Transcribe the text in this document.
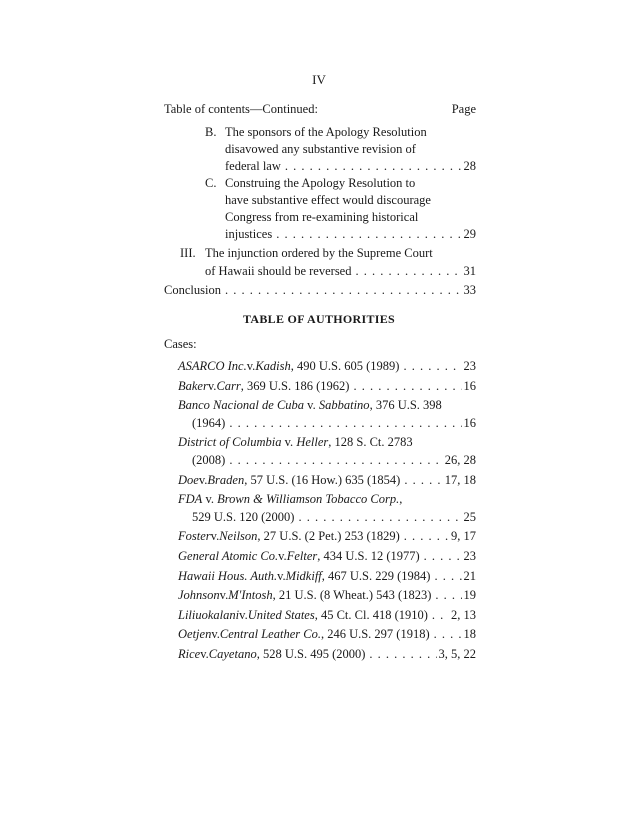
IV
Table of contents—Continued:	Page
B. The sponsors of the Apology Resolution
disavowed any substantive revision of
federal law . . .	28
C. Construing the Apology Resolution to
have substantive effect would discourage
Congress from re-examining historical
injustices . . .	29
III. The injunction ordered by the Supreme Court
of Hawaii should be reversed . . .	31
Conclusion . . .	33
TABLE OF AUTHORITIES
Cases:
ASARCO Inc. v. Kadish , 490 U.S. 605 (1989) . . .	23
Baker v. Carr , 369 U.S. 186 (1962) . . .	16
Banco Nacional de Cuba v. Sabbatino, 376 U.S. 398
(1964) . . .	16
District of Columbia v. Heller, 128 S. Ct. 2783
(2008) . . .	26, 28
Doe v. Braden , 57 U.S. (16 How.) 635 (1854) . . .	17, 18
FDA v. Brown & Williamson Tobacco Corp.,
529 U.S. 120 (2000) . . .	25
Foster v. Neilson , 27 U.S. (2 Pet.) 253 (1829) . . .	9, 17
General Atomic Co. v. Felter , 434 U.S. 12 (1977) . . .	23
Hawaii Hous. Auth. v. Midkiff , 467 U.S. 229 (1984) . . .	21
Johnson v. M'Intosh , 21 U.S. (8 Wheat.) 543 (1823) . . .	19
Liliuokalani v. United States , 45 Ct. Cl. 418 (1910) . . . 2, 13
Oetjen v. Central Leather Co. , 246 U.S. 297 (1918) . . .	18
Rice v. Cayetano , 528 U.S. 495 (2000) . . .	3, 5, 22
